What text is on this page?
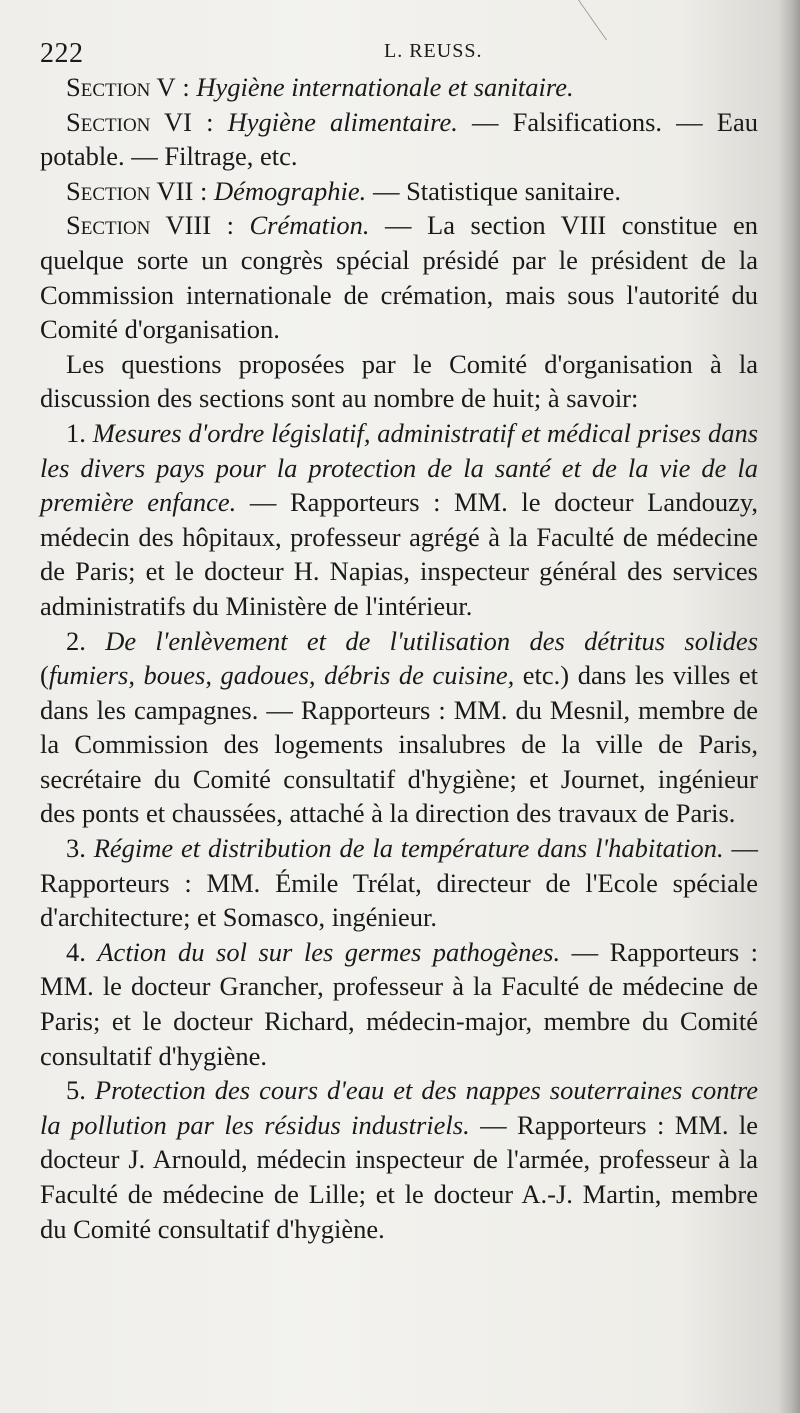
222	L. REUSS.

Section V : Hygiène internationale et sanitaire.

Section VI : Hygiène alimentaire. — Falsifications. — Eau potable. — Filtrage, etc.

Section VII : Démographie. — Statistique sanitaire.

Section VIII : Crémation. — La section VIII constitue en quelque sorte un congrès spécial présidé par le président de la Commission internationale de crémation, mais sous l'autorité du Comité d'organisation.

Les questions proposées par le Comité d'organisation à la discussion des sections sont au nombre de huit; à savoir:

1. Mesures d'ordre législatif, administratif et médical prises dans les divers pays pour la protection de la santé et de la vie de la première enfance. — Rapporteurs : MM. le docteur Landouzy, médecin des hôpitaux, professeur agrégé à la Faculté de médecine de Paris; et le docteur H. Napias, inspecteur général des services administratifs du Ministère de l'intérieur.

2. De l'enlèvement et de l'utilisation des détritus solides (fumiers, boues, gadoues, débris de cuisine, etc.) dans les villes et dans les campagnes. — Rapporteurs : MM. du Mesnil, membre de la Commission des logements insalubres de la ville de Paris, secrétaire du Comité consultatif d'hygiène; et Journet, ingénieur des ponts et chaussées, attaché à la direction des travaux de Paris.

3. Régime et distribution de la température dans l'habitation. — Rapporteurs : MM. Émile Trélat, directeur de l'Ecole spéciale d'architecture; et Somasco, ingénieur.

4. Action du sol sur les germes pathogènes. — Rapporteurs : MM. le docteur Grancher, professeur à la Faculté de médecine de Paris; et le docteur Richard, médecin-major, membre du Comité consultatif d'hygiène.

5. Protection des cours d'eau et des nappes souterraines contre la pollution par les résidus industriels. — Rapporteurs : MM. le docteur J. Arnould, médecin inspecteur de l'armée, professeur à la Faculté de médecine de Lille; et le docteur A.-J. Martin, membre du Comité consultatif d'hygiène.
